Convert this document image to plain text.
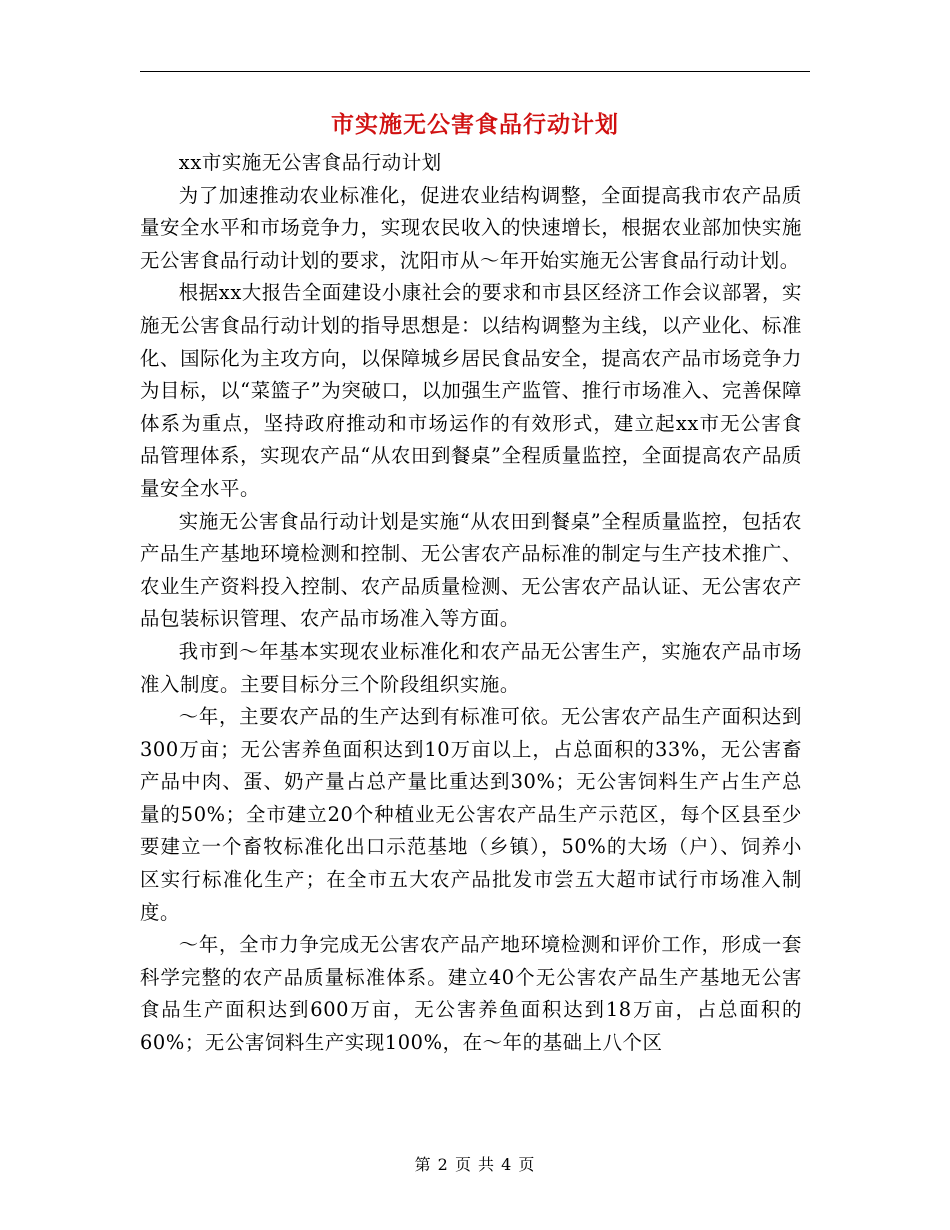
市实施无公害食品行动计划

xx市实施无公害食品行动计划

为了加速推动农业标准化，促进农业结构调整，全面提高我市农产品质量安全水平和市场竞争力，实现农民收入的快速增长，根据农业部加快实施无公害食品行动计划的要求，沈阳市从～年开始实施无公害食品行动计划。

根据xx大报告全面建设小康社会的要求和市县区经济工作会议部署，实施无公害食品行动计划的指导思想是：以结构调整为主线，以产业化、标准化、国际化为主攻方向，以保障城乡居民食品安全，提高农产品市场竞争力为目标，以“菜篮子”为突破口，以加强生产监管、推行市场准入、完善保障体系为重点，坚持政府推动和市场运作的有效形式，建立起xx市无公害食品管理体系，实现农产品“从农田到餐桌”全程质量监控，全面提高农产品质量安全水平。

实施无公害食品行动计划是实施“从农田到餐桌”全程质量监控，包括农产品生产基地环境检测和控制、无公害农产品标准的制定与生产技术推广、农业生产资料投入控制、农产品质量检测、无公害农产品认证、无公害农产品包装标识管理、农产品市场准入等方面。

我市到～年基本实现农业标准化和农产品无公害生产，实施农产品市场准入制度。主要目标分三个阶段组织实施。

～年，主要农产品的生产达到有标准可依。无公害农产品生产面积达到300万亩；无公害养鱼面积达到10万亩以上，占总面积的33%，无公害畜产品中肉、蛋、奶产量占总产量比重达到30%；无公害饲料生产占生产总量的50%；全市建立20个种植业无公害农产品生产示范区，每个区县至少要建立一个畜牧标准化出口示范基地（乡镇），50%的大场（户）、饲养小区实行标准化生产；在全市五大农产品批发市尝五大超市试行市场准入制度。

～年，全市力争完成无公害农产品产地环境检测和评价工作，形成一套科学完整的农产品质量标准体系。建立40个无公害农产品生产基地无公害食品生产面积达到600万亩，无公害养鱼面积达到18万亩，占总面积的60%；无公害饲料生产实现100%，在～年的基础上八个区

第 2 页 共 4 页
